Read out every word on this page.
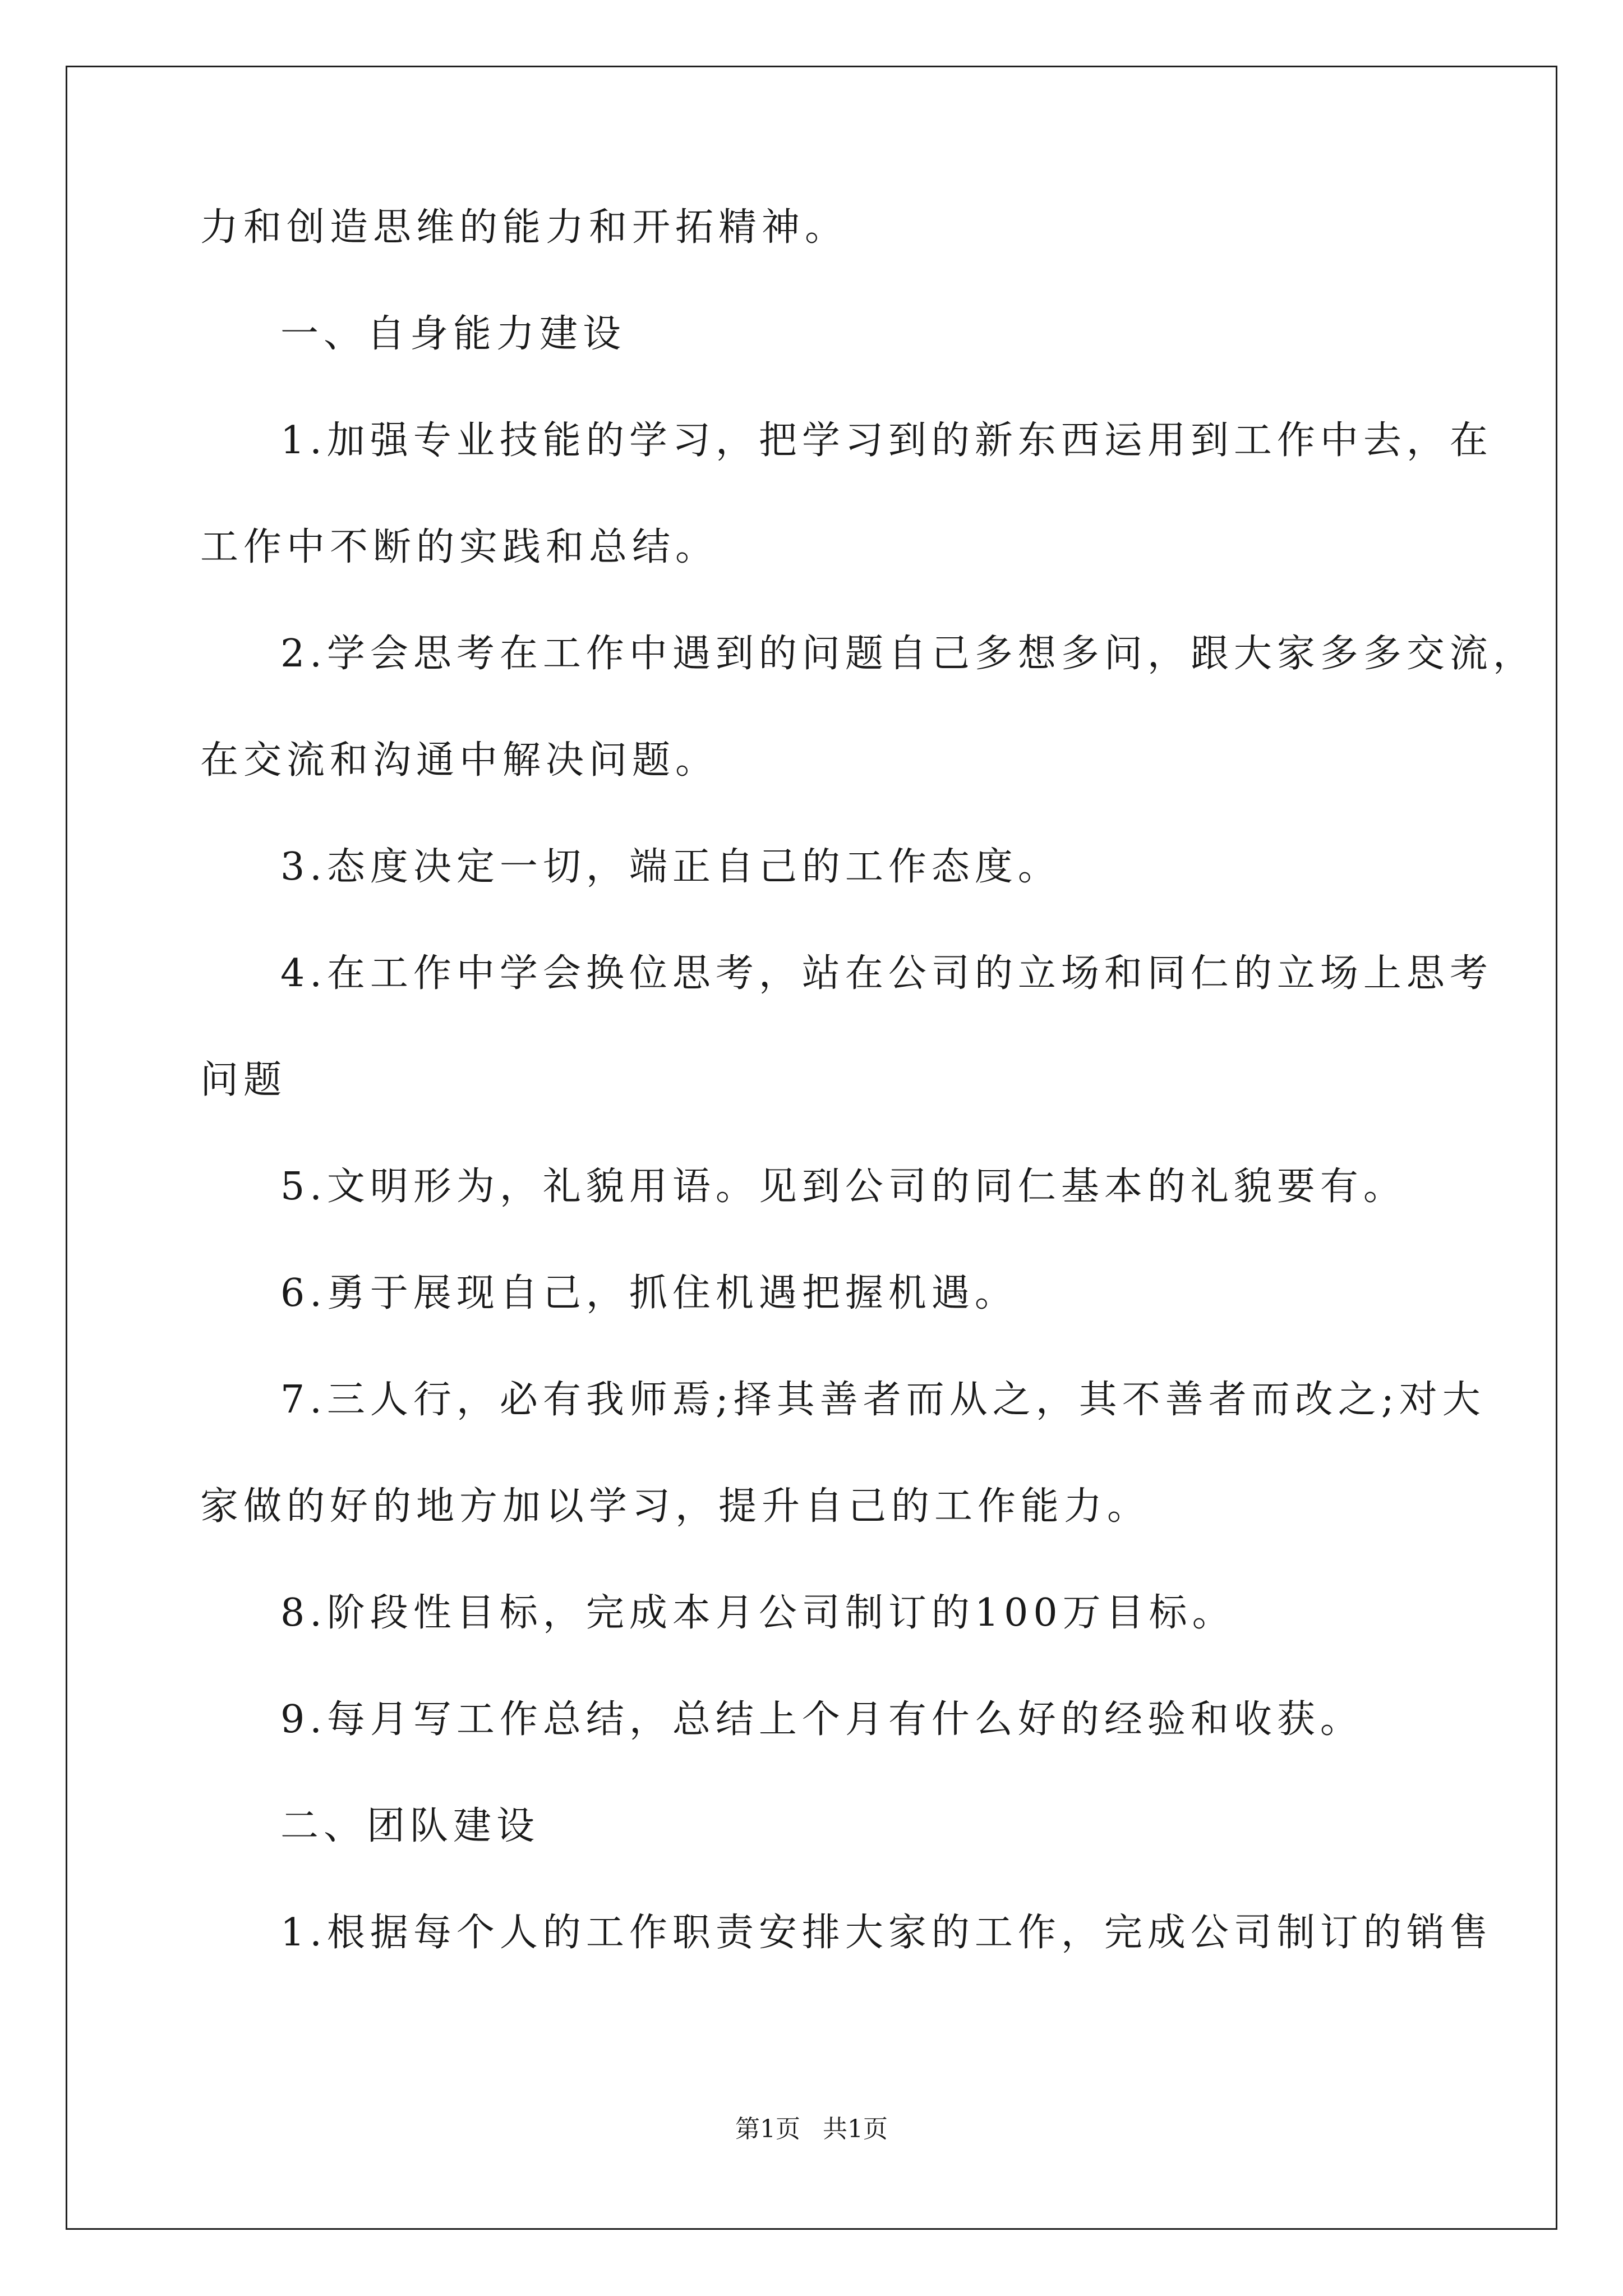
力和创造思维的能力和开拓精神。
一、自身能力建设
1.加强专业技能的学习，把学习到的新东西运用到工作中去，在
工作中不断的实践和总结。
2.学会思考在工作中遇到的问题自己多想多问，跟大家多多交流，
在交流和沟通中解决问题。
3.态度决定一切，端正自己的工作态度。
4.在工作中学会换位思考，站在公司的立场和同仁的立场上思考
问题
5.文明形为，礼貌用语。见到公司的同仁基本的礼貌要有。
6.勇于展现自己，抓住机遇把握机遇。
7.三人行，必有我师焉;择其善者而从之，其不善者而改之;对大
家做的好的地方加以学习，提升自己的工作能力。
8.阶段性目标，完成本月公司制订的100万目标。
9.每月写工作总结，总结上个月有什么好的经验和收获。
二、团队建设
1.根据每个人的工作职责安排大家的工作，完成公司制订的销售
第1页 共1页
